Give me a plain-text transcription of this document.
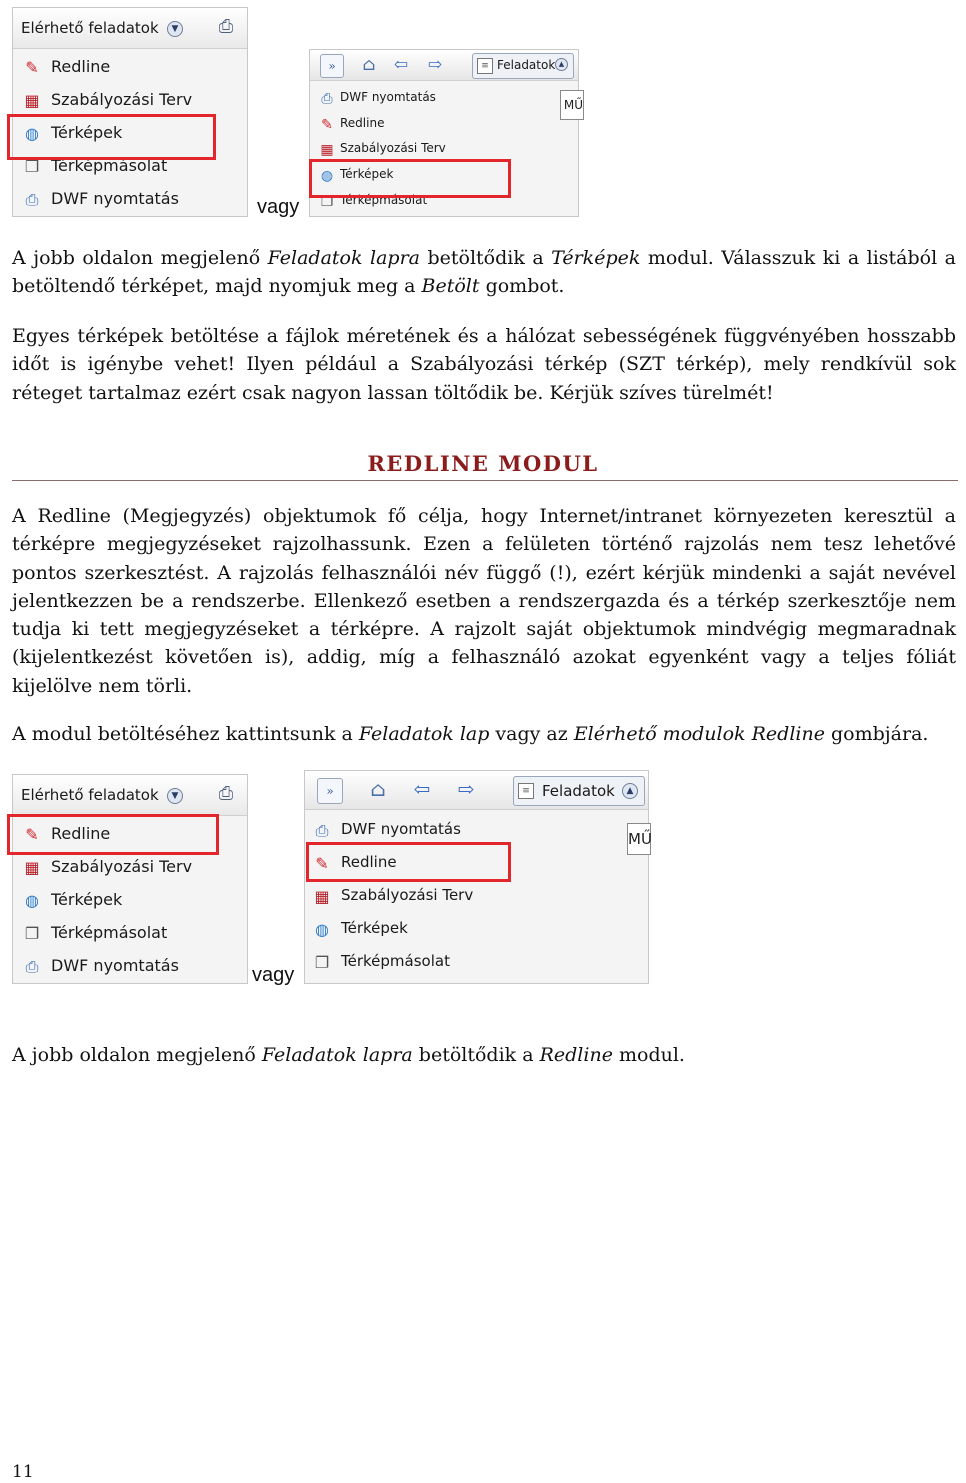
Elérhető feladatok	▼ ⎙
✎ Redline
▦ Szabályozási Terv
◍ Térképek
❐ Térképmásolat
⎙ DWF nyomtatás	vagy
»	⌂ ⇦ ⇨	≡ Feladatok ▲
MŰ
⎙ DWF nyomtatás
✎ Redline
▦ Szabályozási Terv
◍ Térképek
❐ Térképmásolat

A jobb oldalon megjelenő Feladatok lapra betöltődik a Térképek modul. Válasszuk ki a listából a betöltendő térképet, majd nyomjuk meg a Betölt gombot.

Egyes térképek betöltése a fájlok méretének és a hálózat sebességének függvényében hosszabb időt is igénybe vehet! Ilyen például a Szabályozási térkép (SZT térkép), mely rendkívül sok réteget tartalmaz ezért csak nagyon lassan töltődik be. Kérjük szíves türelmét!

REDLINE MODUL

A Redline (Megjegyzés) objektumok fő célja, hogy Internet/intranet környezeten keresztül a térképre megjegyzéseket rajzolhassunk. Ezen a felületen történő rajzolás nem tesz lehetővé pontos szerkesztést. A rajzolás felhasználói név függő (!), ezért kérjük mindenki a saját nevével jelentkezzen be a rendszerbe. Ellenkező esetben a rendszergazda és a térkép szerkesztője nem tudja ki tett megjegyzéseket a térképre. A rajzolt saját objektumok mindvégig megmaradnak (kijelentkezést követően is), addig, míg a felhasználó azokat egyenként vagy a teljes fóliát kijelölve nem törli.

A modul betöltéséhez kattintsunk a Feladatok lap vagy az Elérhető modulok Redline gombjára.

Elérhető feladatok	▼ ⎙
✎ Redline
▦ Szabályozási Terv
◍ Térképek
❐ Térképmásolat
⎙ DWF nyomtatás	vagy
»	⌂ ⇦ ⇨	≡ Feladatok	▲
MŰ
⎙ DWF nyomtatás
✎ Redline
▦ Szabályozási Terv
◍ Térképek
❐ Térképmásolat

A jobb oldalon megjelenő Feladatok lapra betöltődik a Redline modul.

11
